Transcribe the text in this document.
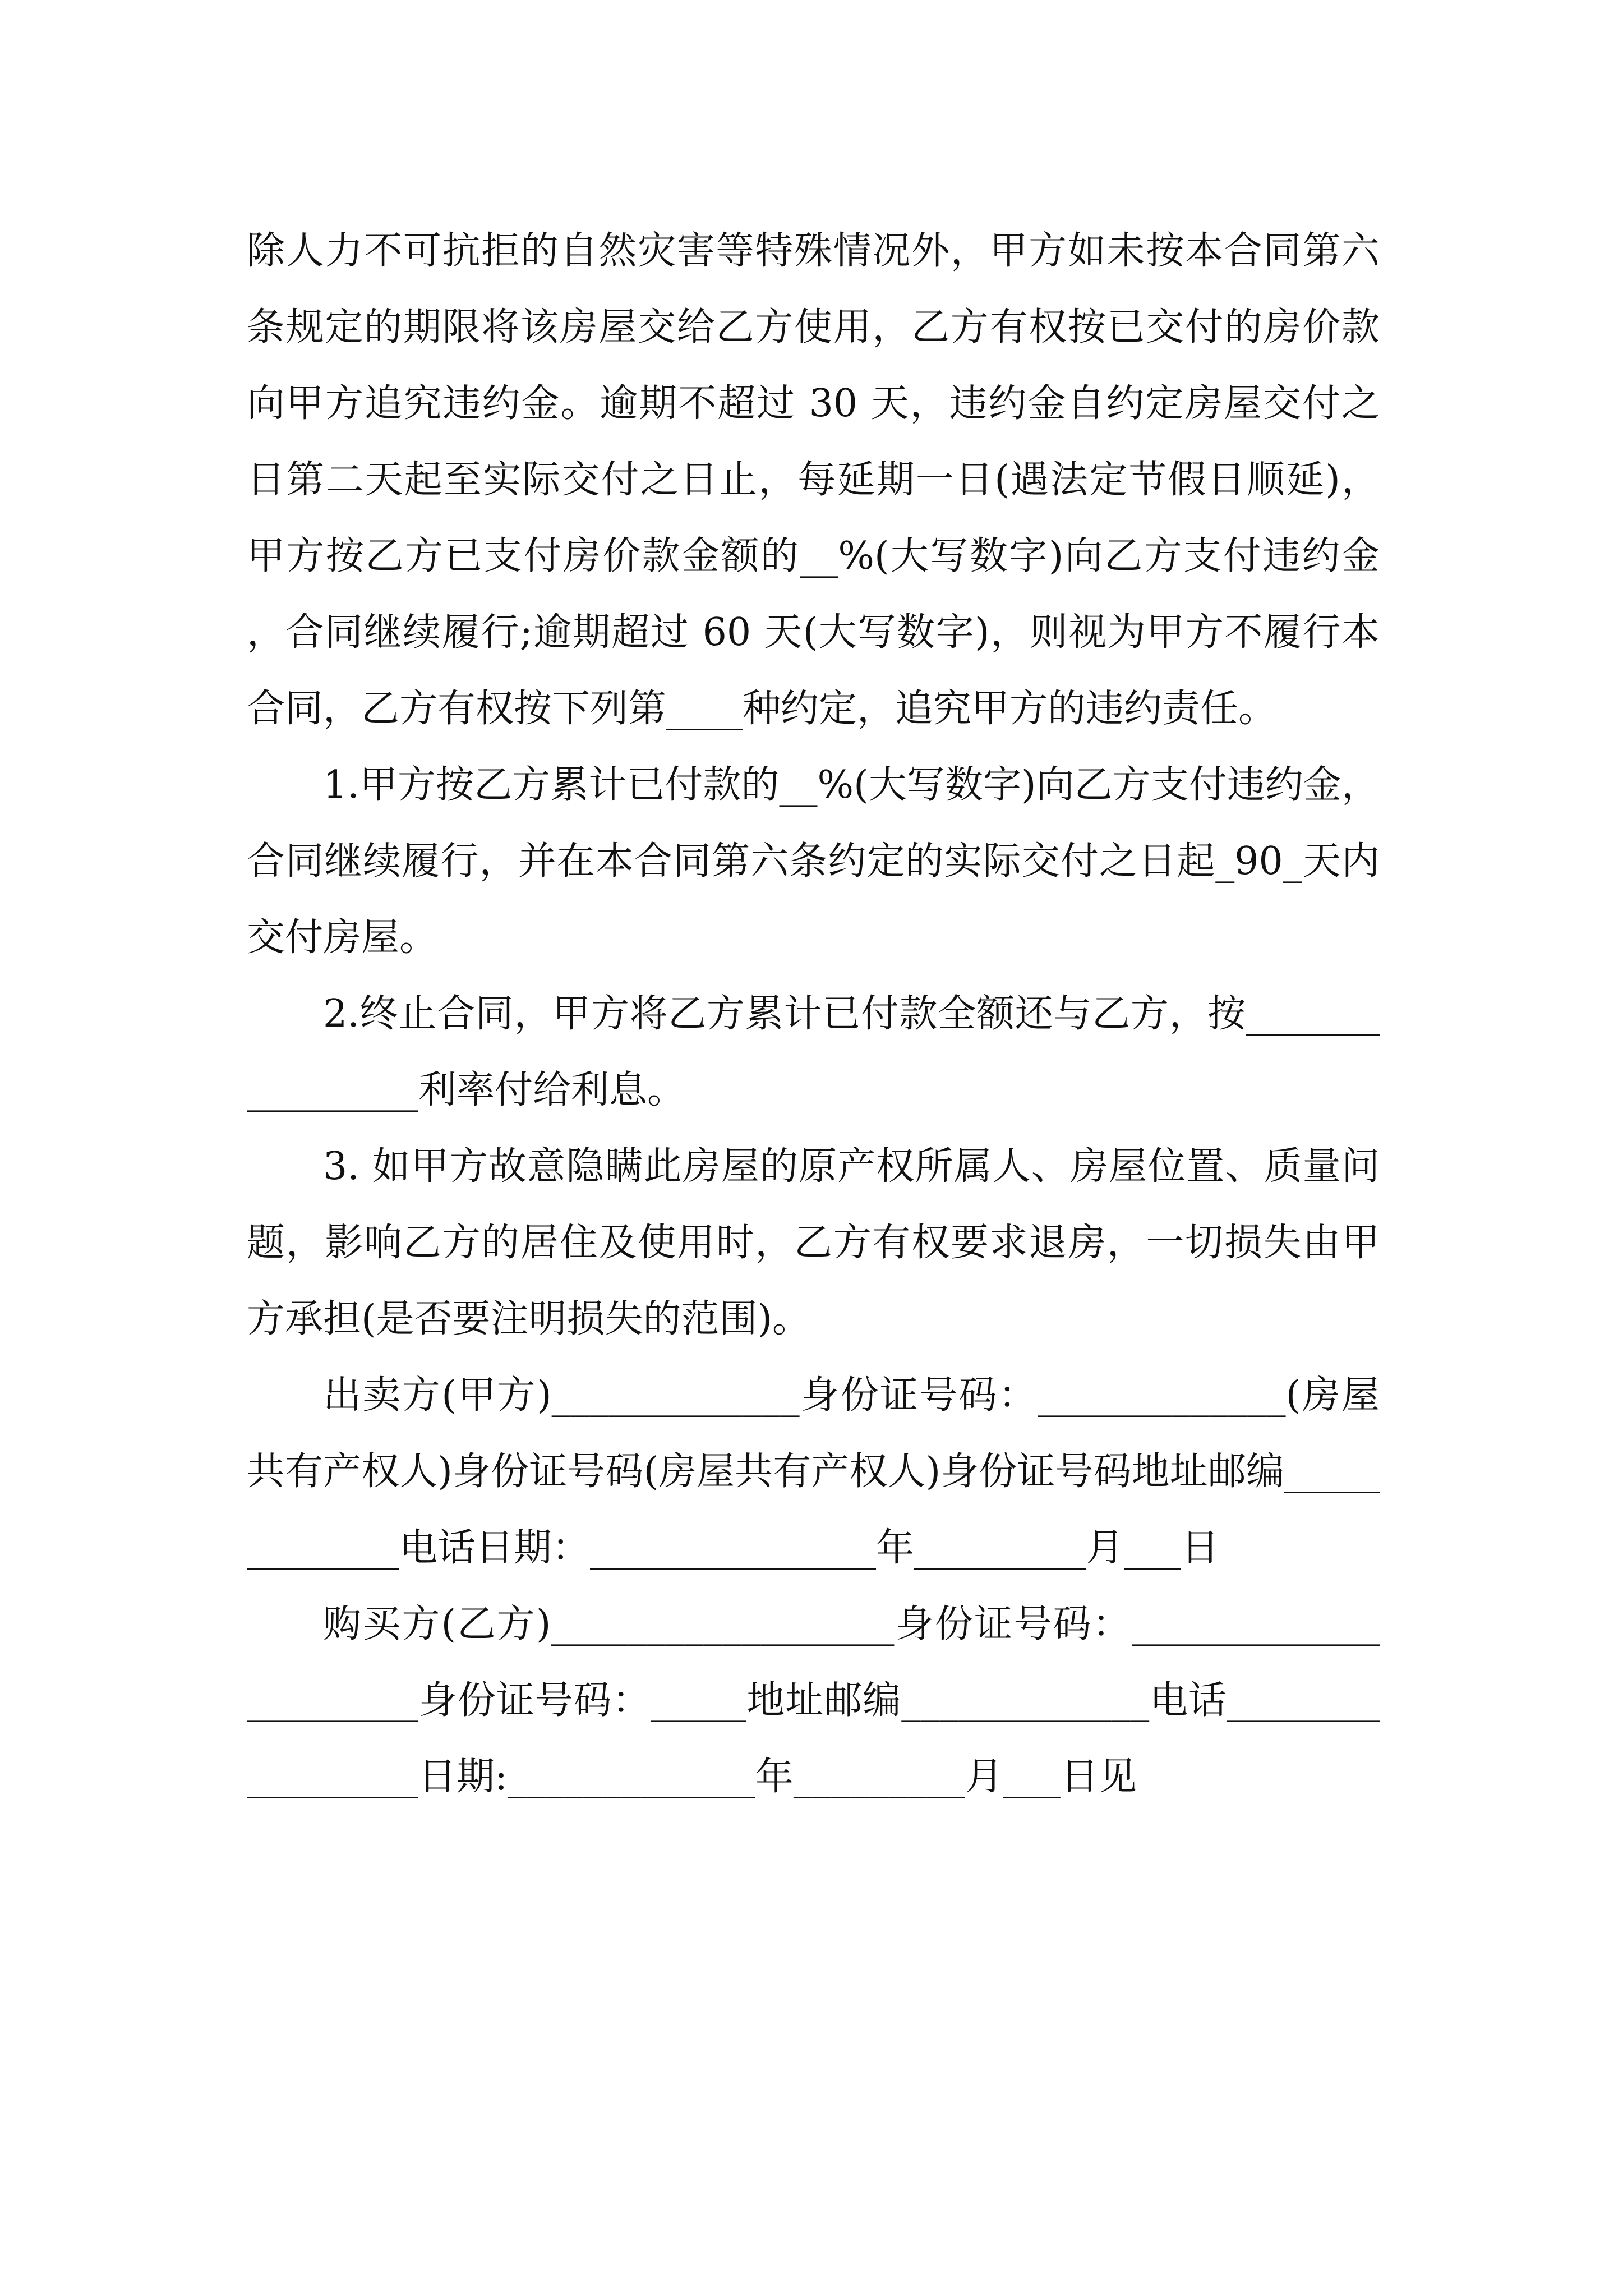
除人力不可抗拒的自然灾害等特殊情况外，甲方如未按本合同第六条规定的期限将该房屋交给乙方使用，乙方有权按已交付的房价款向甲方追究违约金。逾期不超过 30 天，违约金自约定房屋交付之日第二天起至实际交付之日止，每延期一日(遇法定节假日顺延)，甲方按乙方已支付房价款金额的__%(大写数字)向乙方支付违约金，合同继续履行;逾期超过 60 天(大写数字)，则视为甲方不履行本合同，乙方有权按下列第____种约定，追究甲方的违约责任。

1.甲方按乙方累计已付款的__%(大写数字)向乙方支付违约金，合同继续履行，并在本合同第六条约定的实际交付之日起_90_天内交付房屋。

2.终止合同，甲方将乙方累计已付款全额还与乙方，按________________利率付给利息。

3. 如甲方故意隐瞒此房屋的原产权所属人、房屋位置、质量问题，影响乙方的居住及使用时，乙方有权要求退房，一切损失由甲方承担(是否要注明损失的范围)。

出卖方(甲方)_____________身份证号码：_____________(房屋共有产权人)身份证号码(房屋共有产权人)身份证号码地址邮编_____________电话日期：_______________年_________月___日

购买方(乙方)__________________身份证号码：______________________身份证号码：_____地址邮编_____________电话_________________日期:_____________年_________月___日见
